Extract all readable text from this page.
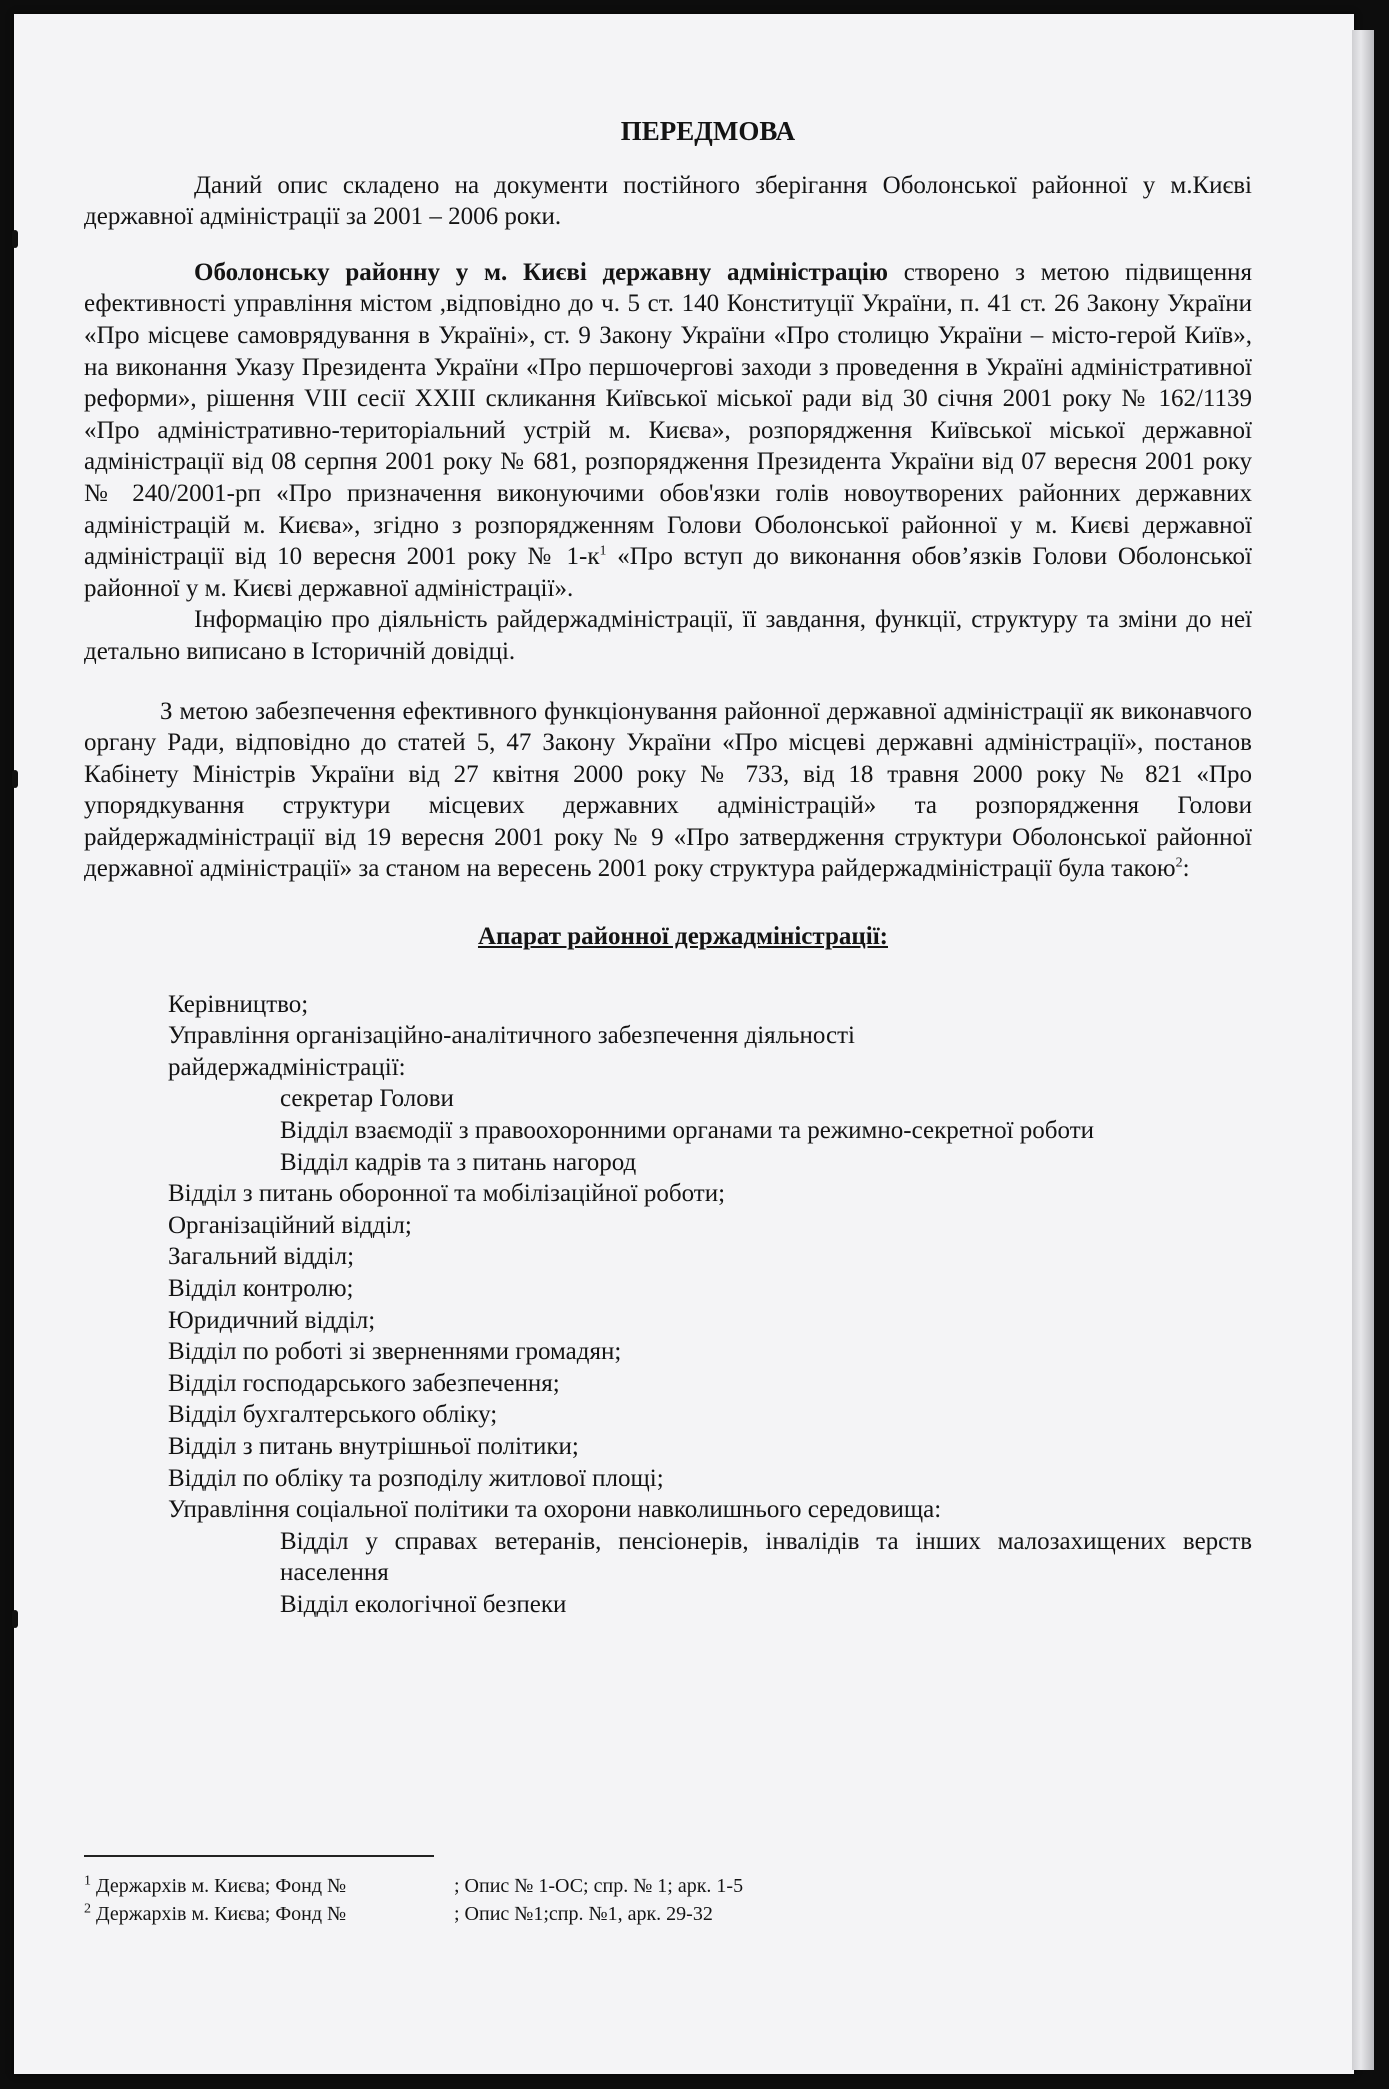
ПЕРЕДМОВА

Даний опис складено на документи постійного зберігання Оболонської районної у м.Києві державної адміністрації за 2001 – 2006 роки.

Оболонську районну у м. Києві державну адміністрацію створено з метою підвищення ефективності управління містом ,відповідно до ч. 5 ст. 140 Конституції України, п. 41 ст. 26 Закону України «Про місцеве самоврядування в Україні», ст. 9 Закону України «Про столицю України – місто-герой Київ», на виконання Указу Президента України «Про першочергові заходи з проведення в Україні адміністративної реформи», рішення VIII сесії XXIII скликання Київської міської ради від 30 січня 2001 року № 162/1139 «Про адміністративно-територіальний устрій м. Києва», розпорядження Київської міської державної адміністрації від 08 серпня 2001 року № 681, розпорядження Президента України від 07 вересня 2001 року № 240/2001-рп «Про призначення виконуючими обов'язки голів новоутворених районних державних адміністрацій м. Києва», згідно з розпорядженням Голови Оболонської районної у м. Києві державної адміністрації від 10 вересня 2001 року № $1-к^1$ «Про вступ до виконання обов’язків Голови Оболонської районної у м. Києві державної адміністрації».

Інформацію про діяльність райдержадміністрації, її завдання, функції, структуру та зміни до неї детально виписано в Історичній довідці.

З метою забезпечення ефективного функціонування районної державної адміністрації як виконавчого органу Ради, відповідно до статей 5, 47 Закону України «Про місцеві державні адміністрації», постанов Кабінету Міністрів України від 27 квітня 2000 року № 733, від 18 травня 2000 року № 821 «Про упорядкування структури місцевих державних адміністрацій» та розпорядження Голови райдержадміністрації від 19 вересня 2001 року № 9 «Про затвердження структури Оболонської районної державної адміністрації» за станом на вересень 2001 року структура райдержадміністрації була такою$^2$:

Апарат районної держадміністрації:
Керівництво;
Управління організаційно-аналітичного забезпечення діяльності
райдержадміністрації:
секретар Голови
Відділ взаємодії з правоохоронними органами та режимно-секретної роботи
Відділ кадрів та з питань нагород
Відділ з питань оборонної та мобілізаційної роботи;
Організаційний відділ;
Загальний відділ;
Відділ контролю;
Юридичний відділ;
Відділ по роботі зі зверненнями громадян;
Відділ господарського забезпечення;
Відділ бухгалтерського обліку;
Відділ з питань внутрішньої політики;
Відділ по обліку та розподілу житлової площі;
Управління соціальної політики та охорони навколишнього середовища:
Відділ у справах ветеранів, пенсіонерів, інвалідів та інших малозахищених верств населення
Відділ екологічної безпеки
$^1$ Держархів м. Києва; Фонд №	; Опис № 1-ОС; спр. № 1; арк. 1-5
$^2$ Держархів м. Києва; Фонд №	; Опис №1;спр. №1, арк. 29-32
